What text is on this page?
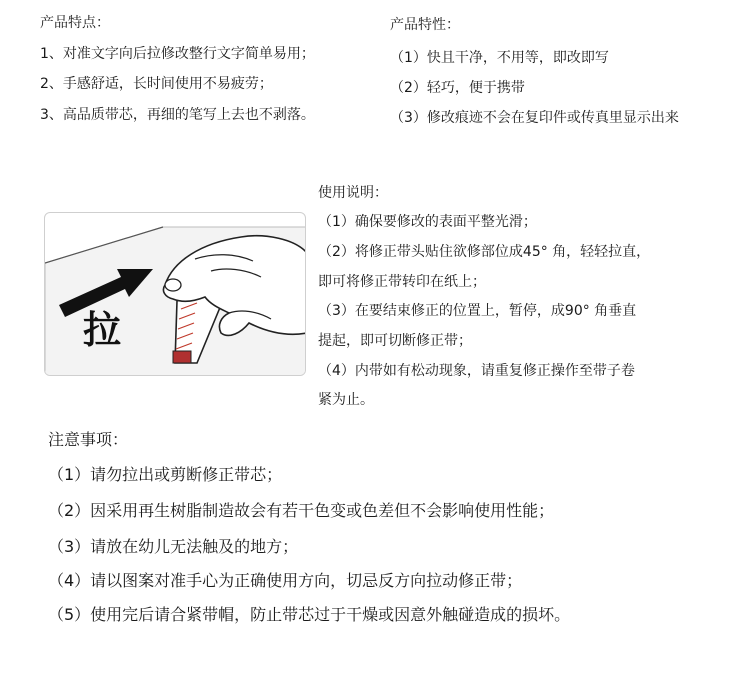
产品特点：
1、对准文字向后拉修改整行文字简单易用；
2、手感舒适，长时间使用不易疲劳；
3、高品质带芯，再细的笔写上去也不剥落。
产品特性：
（1）快且干净，不用等，即改即写
（2）轻巧，便于携带
（3）修改痕迹不会在复印件或传真里显示出来
拉
使用说明：
（1）确保要修改的表面平整光滑；
（2）将修正带头贴住欲修部位成45° 角，轻轻拉直，
即可将修正带转印在纸上；
（3）在要结束修正的位置上，暂停，成90° 角垂直
提起，即可切断修正带；
（4）内带如有松动现象，请重复修正操作至带子卷
紧为止。
注意事项：
（1）请勿拉出或剪断修正带芯；
（2）因采用再生树脂制造故会有若干色变或色差但不会影响使用性能；
（3）请放在幼儿无法触及的地方；
（4）请以图案对准手心为正确使用方向，切忌反方向拉动修正带；
（5）使用完后请合紧带帽，防止带芯过于干燥或因意外触碰造成的损坏。
